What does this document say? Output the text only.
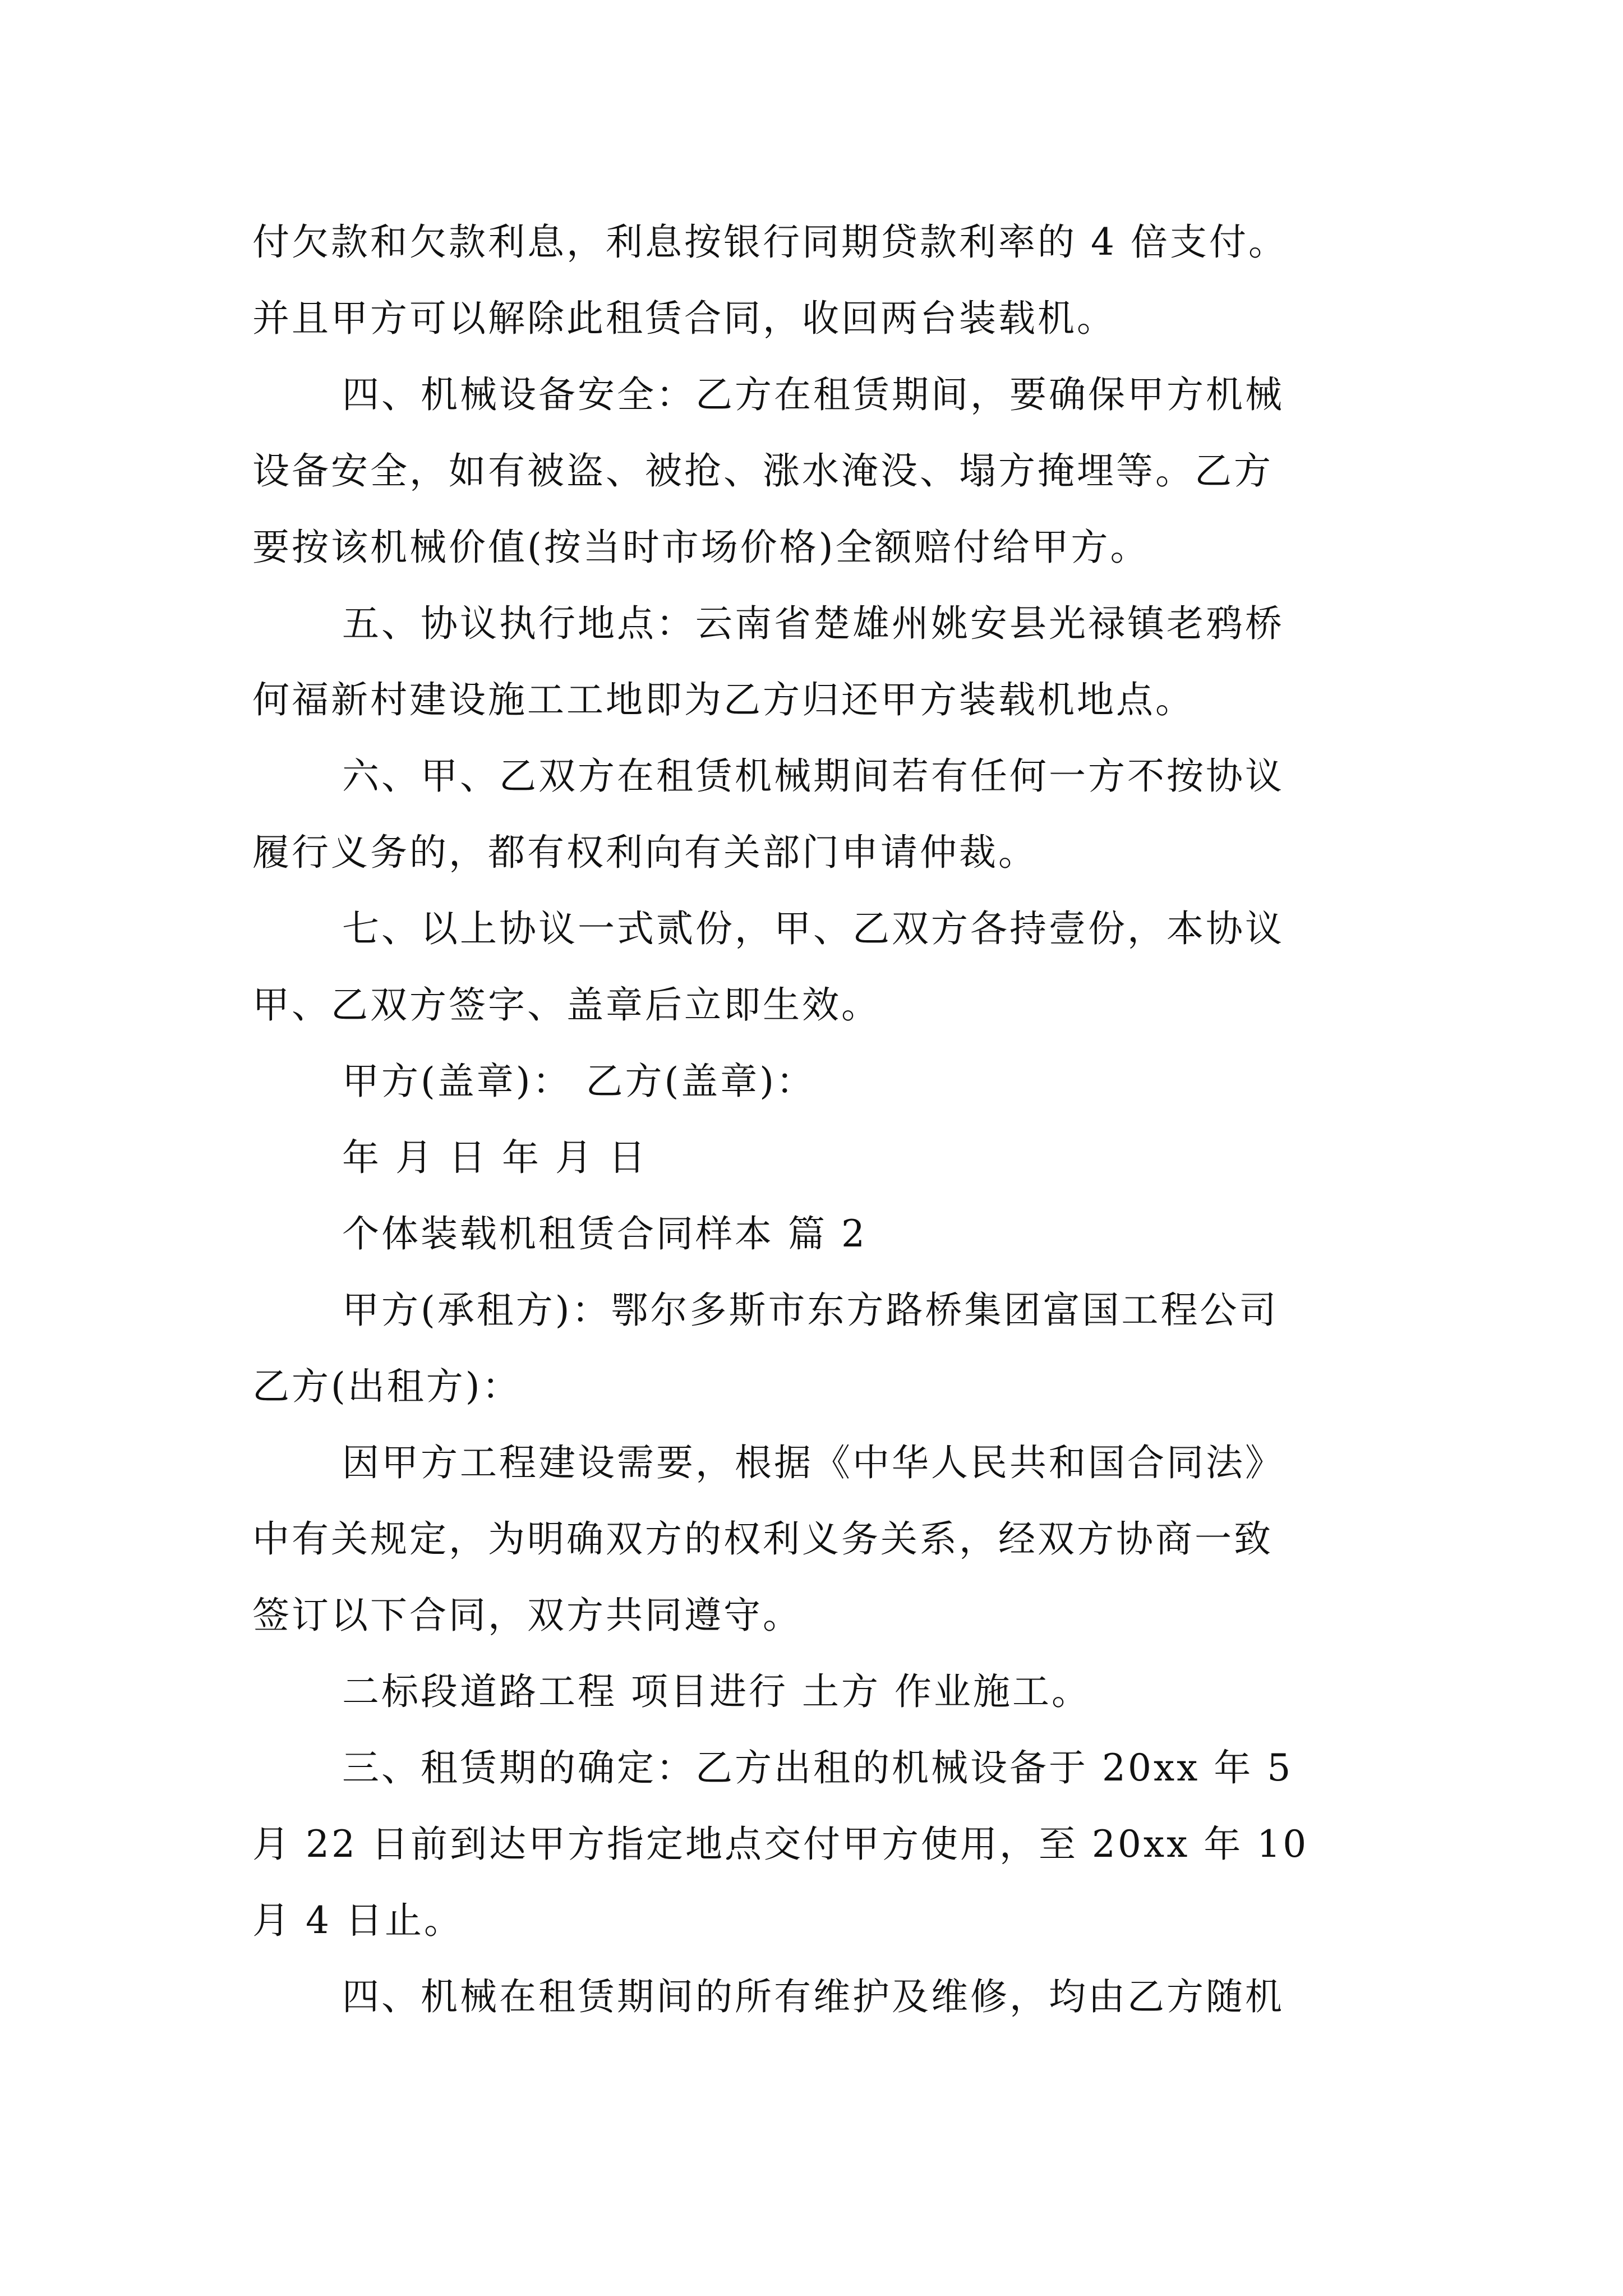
付欠款和欠款利息，利息按银行同期贷款利率的 4 倍支付。
并且甲方可以解除此租赁合同，收回两台装载机。
四、机械设备安全：乙方在租赁期间，要确保甲方机械
设备安全，如有被盗、被抢、涨水淹没、塌方掩埋等。乙方
要按该机械价值(按当时市场价格)全额赔付给甲方。
五、协议执行地点：云南省楚雄州姚安县光禄镇老鸦桥
何福新村建设施工工地即为乙方归还甲方装载机地点。
六、甲、乙双方在租赁机械期间若有任何一方不按协议
履行义务的，都有权利向有关部门申请仲裁。
七、以上协议一式贰份，甲、乙双方各持壹份，本协议
甲、乙双方签字、盖章后立即生效。
甲方(盖章)： 乙方(盖章)：
年 月 日 年 月 日
个体装载机租赁合同样本 篇 2
甲方(承租方)：鄂尔多斯市东方路桥集团富国工程公司
乙方(出租方)：
因甲方工程建设需要，根据《中华人民共和国合同法》
中有关规定，为明确双方的权利义务关系，经双方协商一致
签订以下合同，双方共同遵守。
二标段道路工程 项目进行 土方 作业施工。
三、租赁期的确定：乙方出租的机械设备于 20xx 年 5
月 22 日前到达甲方指定地点交付甲方使用，至 20xx 年 10
月 4 日止。
四、机械在租赁期间的所有维护及维修，均由乙方随机
